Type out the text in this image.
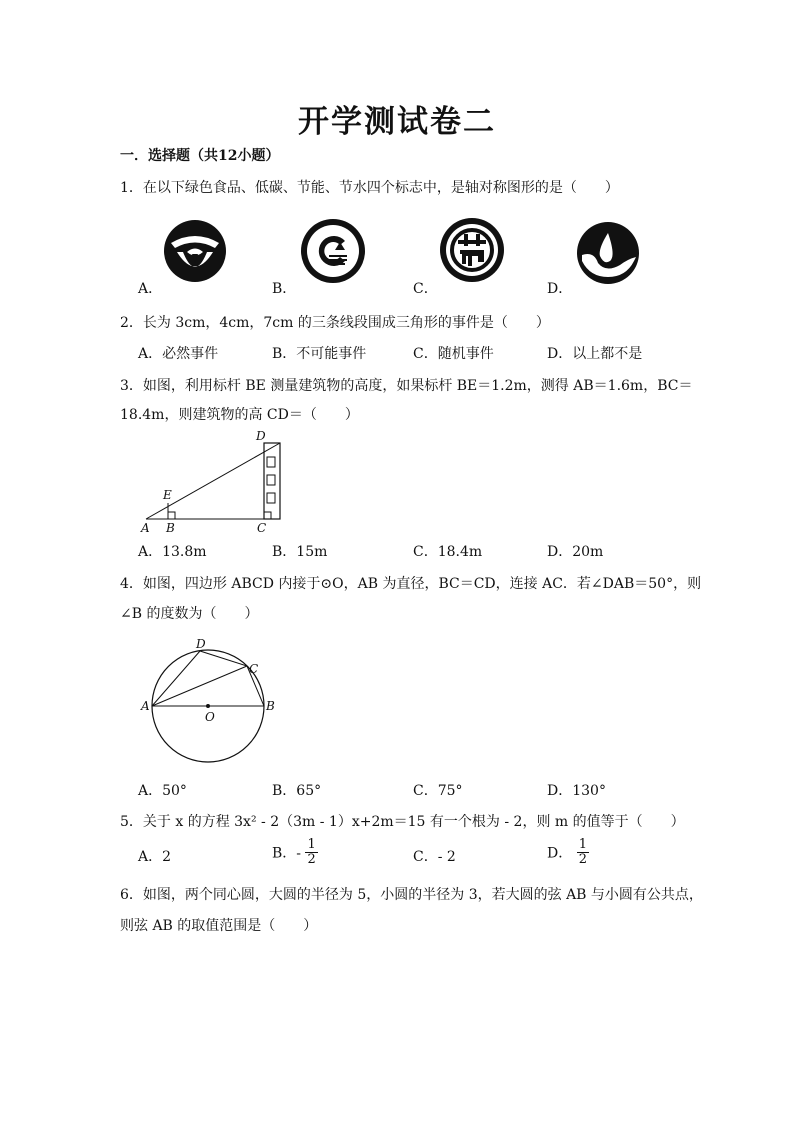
开学测试卷二
一．选择题（共12小题）
1．在以下绿色食品、低碳、节能、节水四个标志中，是轴对称图形的是（　　）
A．	B．	C．	D．
2．长为 3cm，4cm，7cm 的三条线段围成三角形的事件是（　　）
A．必然事件	B．不可能事件	C．随机事件	D．以上都不是
3．如图，利用标杆 BE 测量建筑物的高度，如果标杆 BE＝1.2m，测得 AB＝1.6m，BC＝
18.4m，则建筑物的高 CD＝（　　）
D
E
A B	C
A．13.8m	B．15m	C．18.4m	D．20m
4．如图，四边形 ABCD 内接于⊙O，AB 为直径，BC＝CD，连接 AC．若∠DAB＝50°，则
∠B 的度数为（　　）
A	B
C
D
O
A．50°	B．65°	C．75°	D．130°
5．关于 x 的方程 3x² - 2（3m - 1）x+2m＝15 有一个根为 - 2，则 m 的值等于（　　）
A．2	B．- $\frac{1}{2}$	C．- 2	D． $\frac{1}{2}$
6．如图，两个同心圆，大圆的半径为 5，小圆的半径为 3，若大圆的弦 AB 与小圆有公共点，
则弦 AB 的取值范围是（　　）
